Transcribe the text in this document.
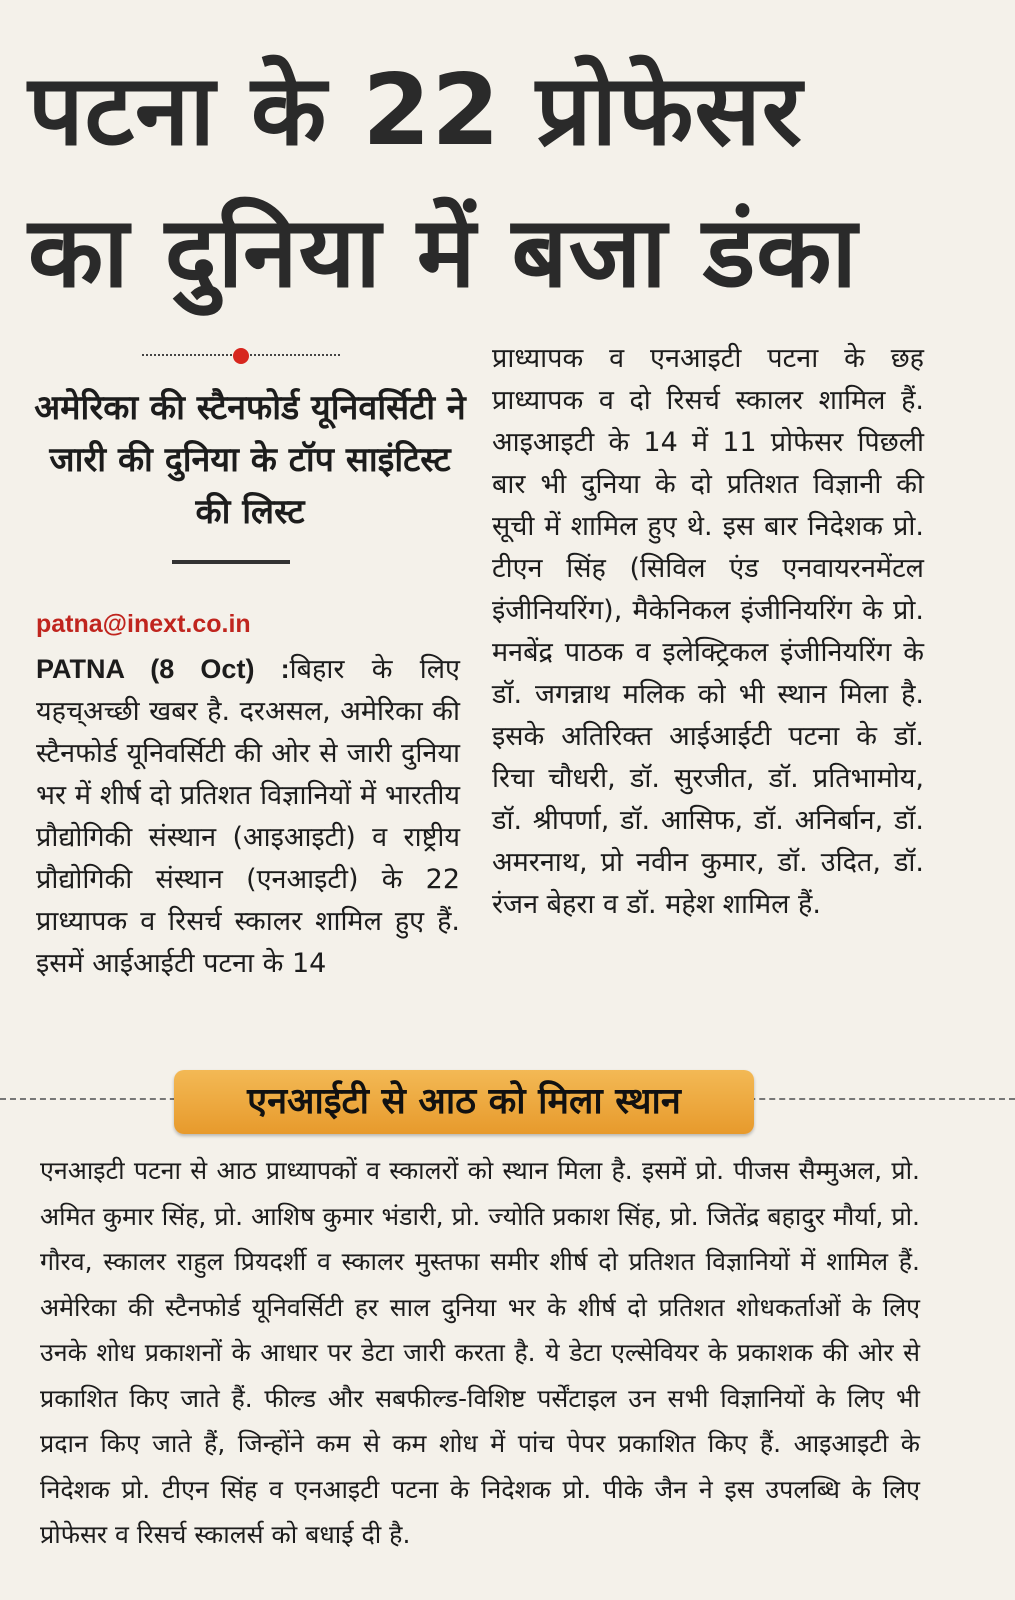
पटना के 22 प्रोफेसर
का दुनिया में बजा डंका
अमेरिका की स्टैनफोर्ड यूनिवर्सिटी ने जारी की दुनिया के टॉप साइंटिस्ट की लिस्ट
patna@inext.co.in

PATNA (8 Oct) :बिहार के लिए यहच्अच्छी खबर है. दरअसल, अमेरिका की स्टैनफोर्ड यूनिवर्सिटी की ओर से जारी दुनिया भर में शीर्ष दो प्रतिशत विज्ञानियों में भारतीय प्रौद्योगिकी संस्थान (आइआइटी) व राष्ट्रीय प्रौद्योगिकी संस्थान (एनआइटी) के 22 प्राध्यापक व रिसर्च स्कालर शामिल हुए हैं. इसमें आईआईटी पटना के 14

प्राध्यापक व एनआइटी पटना के छह प्राध्यापक व दो रिसर्च स्कालर शामिल हैं. आइआइटी के 14 में 11 प्रोफेसर पिछली बार भी दुनिया के दो प्रतिशत विज्ञानी की सूची में शामिल हुए थे. इस बार निदेशक प्रो. टीएन सिंह (सिविल एंड एनवायरनमेंटल इंजीनियरिंग), मैकेनिकल इंजीनियरिंग के प्रो. मनबेंद्र पाठक व इलेक्ट्रिकल इंजीनियरिंग के डॉ. जगन्नाथ मलिक को भी स्थान मिला है. इसके अतिरिक्त आईआईटी पटना के डॉ. रिचा चौधरी, डॉ. सुरजीत, डॉ. प्रतिभामोय, डॉ. श्रीपर्णा, डॉ. आसिफ, डॉ. अनिर्बान, डॉ. अमरनाथ, प्रो नवीन कुमार, डॉ. उदित, डॉ. रंजन बेहरा व डॉ. महेश शामिल हैं.

एनआईटी से आठ को मिला स्थान

एनआइटी पटना से आठ प्राध्यापकों व स्कालरों को स्थान मिला है. इसमें प्रो. पीजस सैम्मुअल, प्रो. अमित कुमार सिंह, प्रो. आशिष कुमार भंडारी, प्रो. ज्योति प्रकाश सिंह, प्रो. जितेंद्र बहादुर मौर्या, प्रो. गौरव, स्कालर राहुल प्रियदर्शी व स्कालर मुस्तफा समीर शीर्ष दो प्रतिशत विज्ञानियों में शामिल हैं. अमेरिका की स्टैनफोर्ड यूनिवर्सिटी हर साल दुनिया भर के शीर्ष दो प्रतिशत शोधकर्ताओं के लिए उनके शोध प्रकाशनों के आधार पर डेटा जारी करता है. ये डेटा एल्सेवियर के प्रकाशक की ओर से प्रकाशित किए जाते हैं. फील्ड और सबफील्ड-विशिष्ट पर्सेंटाइल उन सभी विज्ञानियों के लिए भी प्रदान किए जाते हैं, जिन्होंने कम से कम शोध में पांच पेपर प्रकाशित किए हैं. आइआइटी के निदेशक प्रो. टीएन सिंह व एनआइटी पटना के निदेशक प्रो. पीके जैन ने इस उपलब्धि के लिए प्रोफेसर व रिसर्च स्कालर्स को बधाई दी है.
